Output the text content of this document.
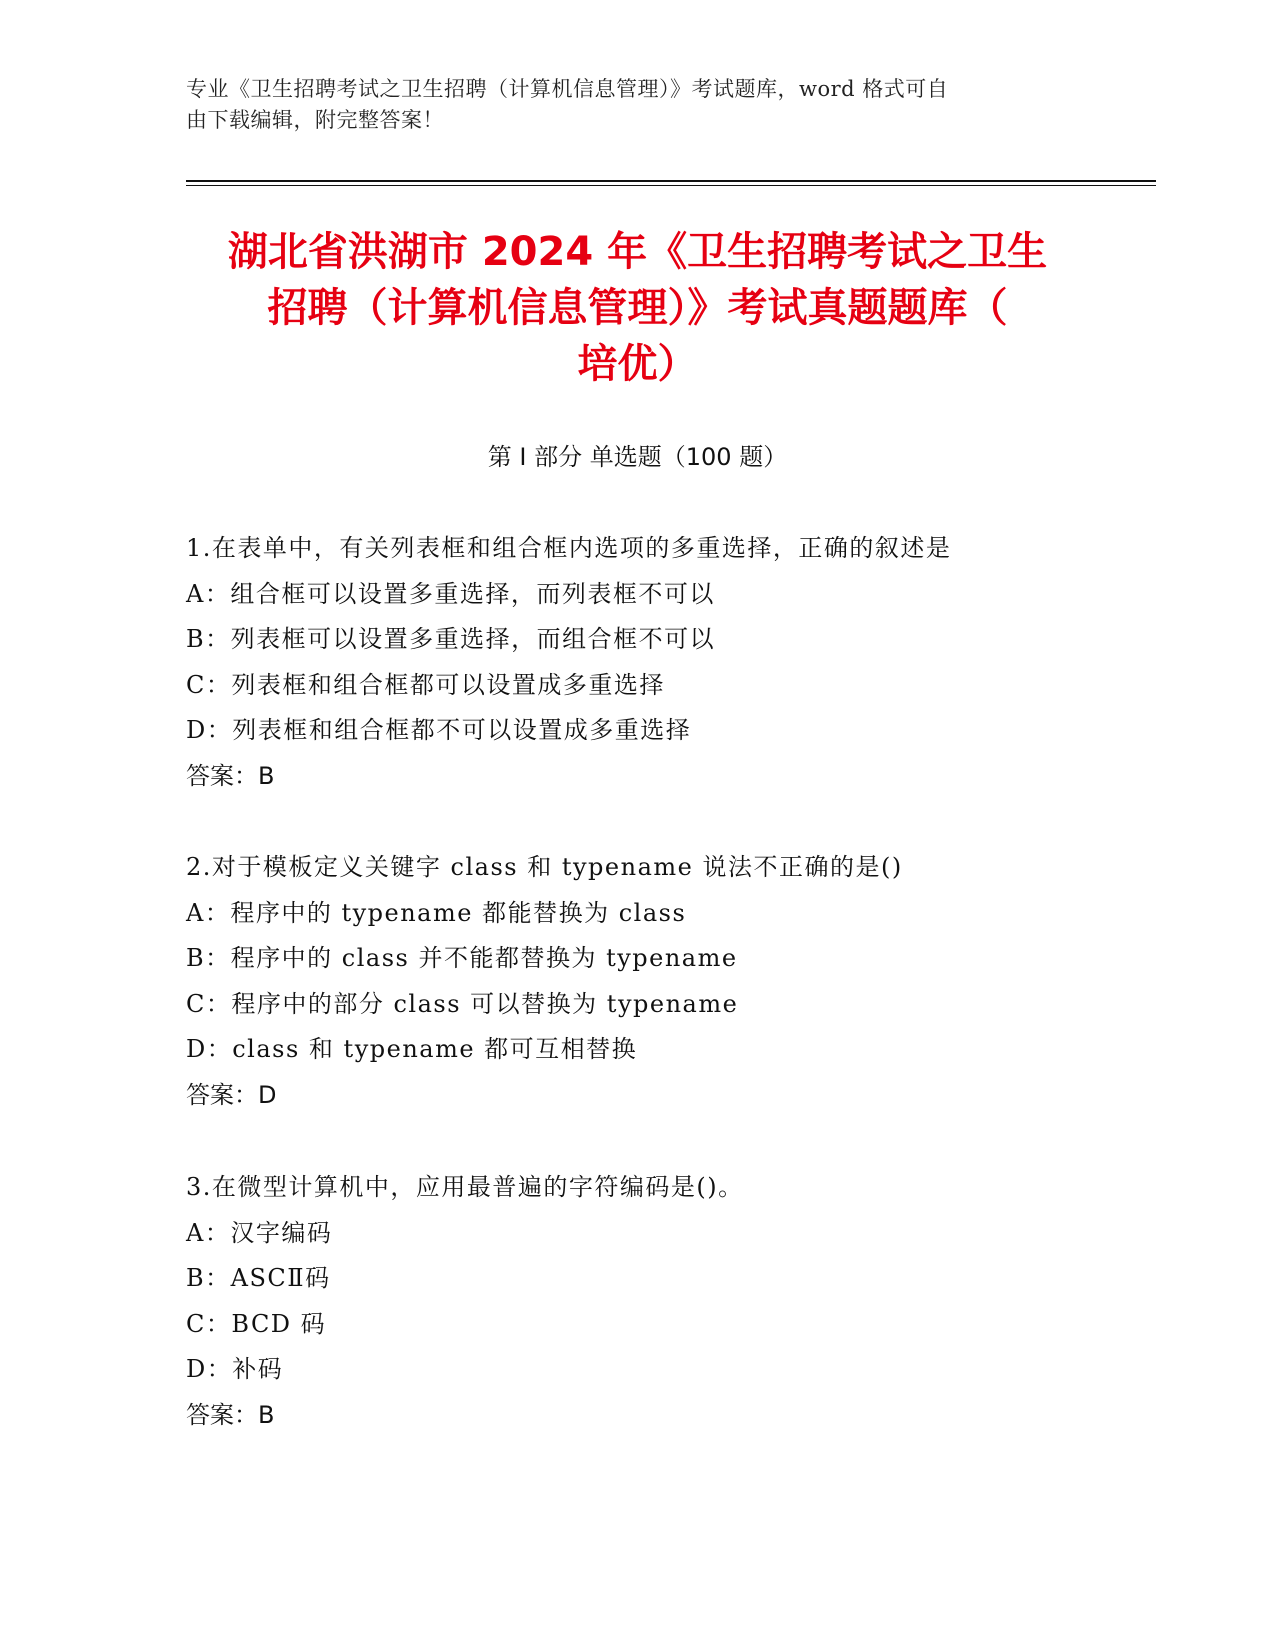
专业《卫生招聘考试之卫生招聘（计算机信息管理）》考试题库，word 格式可自
由下载编辑，附完整答案！
湖北省洪湖市 2024 年《卫生招聘考试之卫生
招聘（计算机信息管理）》考试真题题库（
培优）
第 I 部分 单选题（100 题）
1.在表单中，有关列表框和组合框内选项的多重选择，正确的叙述是
A：组合框可以设置多重选择，而列表框不可以
B：列表框可以设置多重选择，而组合框不可以
C：列表框和组合框都可以设置成多重选择
D：列表框和组合框都不可以设置成多重选择
答案：B
2.对于模板定义关键字 class 和 typename 说法不正确的是()
A：程序中的 typename 都能替换为 class
B：程序中的 class 并不能都替换为 typename
C：程序中的部分 class 可以替换为 typename
D：class 和 typename 都可互相替换
答案：D
3.在微型计算机中，应用最普遍的字符编码是()。
A：汉字编码
B：ASCⅡ码
C：BCD 码
D：补码
答案：B
